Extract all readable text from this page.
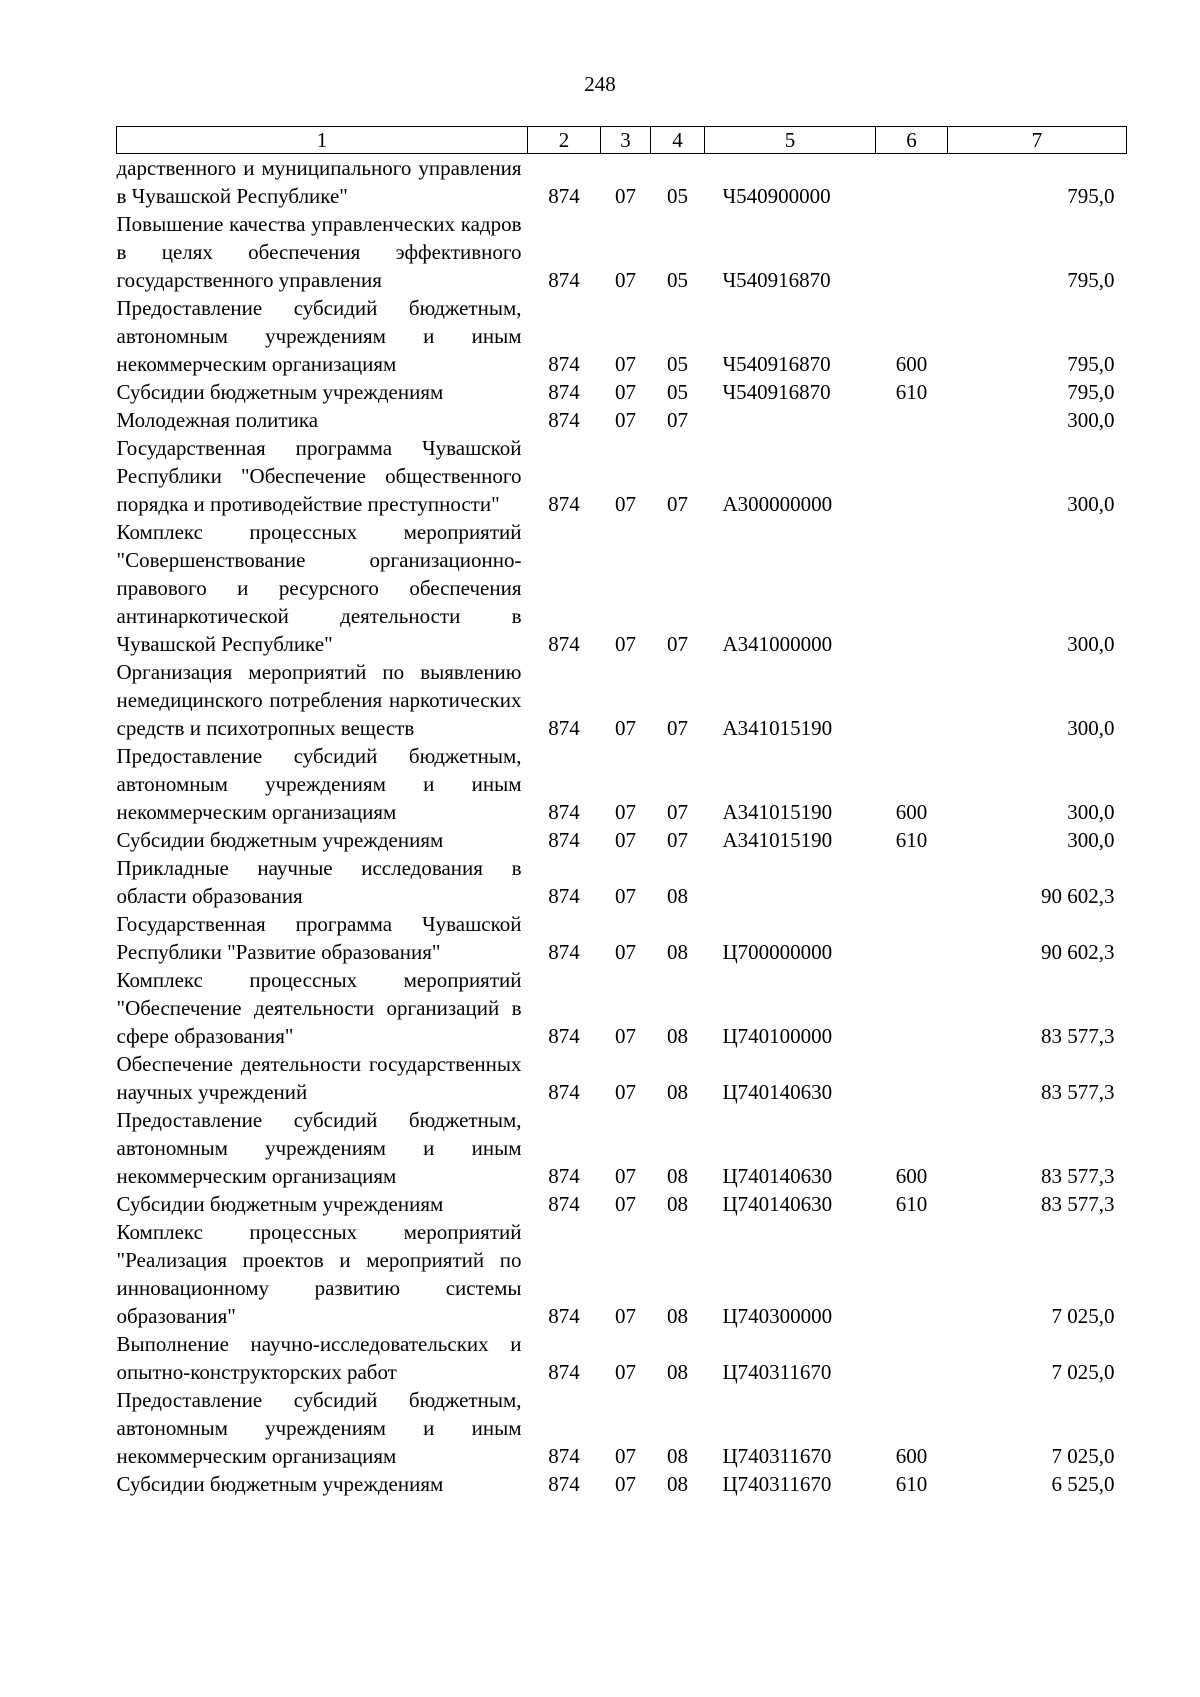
248
1	2	3	4	5	6	7
дарственного и муниципального управления в Чувашской Республике"	874	07	05	Ч540900000		795,0
Повышение качества управленческих кадров в целях обеспечения эффективного государственного управления	874	07	05	Ч540916870		795,0
Предоставление субсидий бюджетным, автономным учреждениям и иным некоммерческим организациям	874	07	05	Ч540916870	600	795,0
Субсидии бюджетным учреждениям	874	07	05	Ч540916870	610	795,0
Молодежная политика	874	07	07			300,0
Государственная программа Чувашской Республики "Обеспечение общественного порядка и противодействие преступности"	874	07	07	А300000000		300,0
Комплекс процессных мероприятий "Совершенствование организационно-правового и ресурсного обеспечения антинаркотической деятельности в Чувашской Республике"	874	07	07	А341000000		300,0
Организация мероприятий по выявлению немедицинского потребления наркотических средств и психотропных веществ	874	07	07	А341015190		300,0
Предоставление субсидий бюджетным, автономным учреждениям и иным некоммерческим организациям	874	07	07	А341015190	600	300,0
Субсидии бюджетным учреждениям	874	07	07	А341015190	610	300,0
Прикладные научные исследования в области образования	874	07	08			90 602,3
Государственная программа Чувашской Республики "Развитие образования"	874	07	08	Ц700000000		90 602,3
Комплекс процессных мероприятий "Обеспечение деятельности организаций в сфере образования"	874	07	08	Ц740100000		83 577,3
Обеспечение деятельности государственных научных учреждений	874	07	08	Ц740140630		83 577,3
Предоставление субсидий бюджетным, автономным учреждениям и иным некоммерческим организациям	874	07	08	Ц740140630	600	83 577,3
Субсидии бюджетным учреждениям	874	07	08	Ц740140630	610	83 577,3
Комплекс процессных мероприятий "Реализация проектов и мероприятий по инновационному развитию системы образования"	874	07	08	Ц740300000		7 025,0
Выполнение научно-исследовательских и опытно-конструкторских работ	874	07	08	Ц740311670		7 025,0
Предоставление субсидий бюджетным, автономным учреждениям и иным некоммерческим организациям	874	07	08	Ц740311670	600	7 025,0
Субсидии бюджетным учреждениям	874	07	08	Ц740311670	610	6 525,0
